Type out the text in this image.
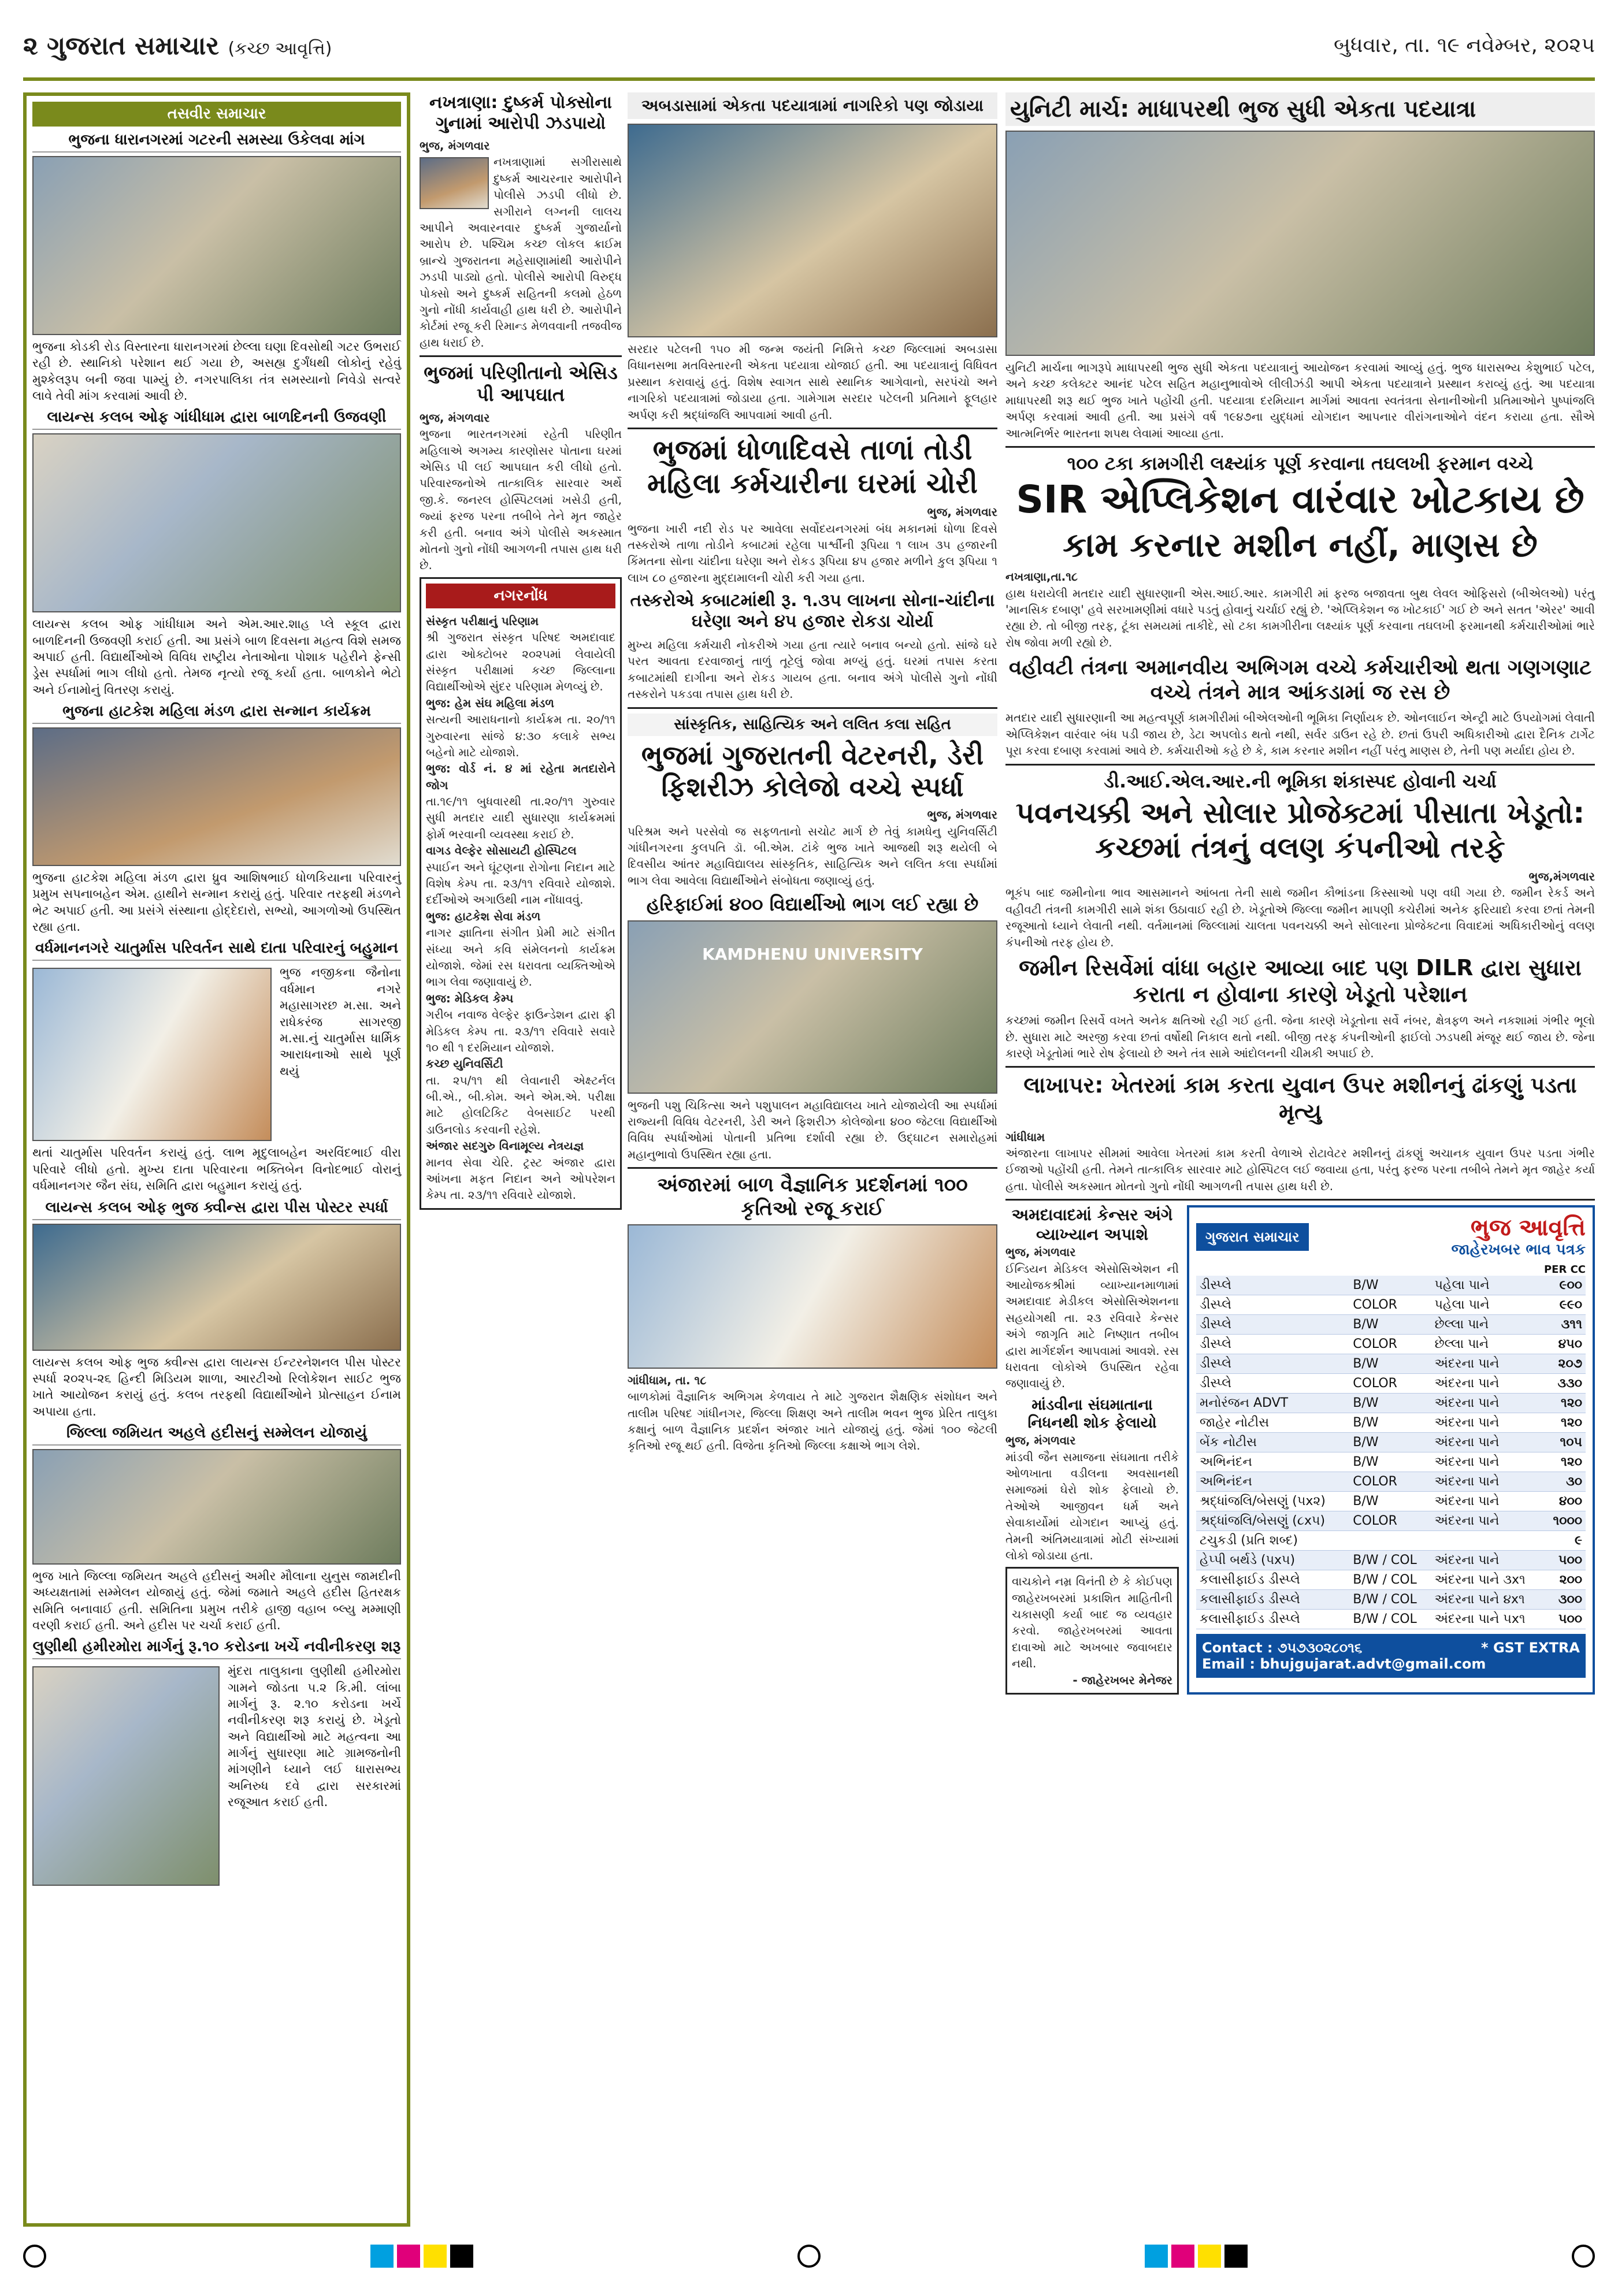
૨ ગુજરાત સમાચાર (કચ્છ આવૃત્તિ)	બુધવાર, તા. ૧૯ નવેમ્બર, ૨૦૨૫
તસવીર સમાચાર
ભુજના ધારાનગરમાં ગટરની સમસ્યા ઉકેલવા માંગ
ભુજના કોડકી રોડ વિસ્તારના ધારાનગરમાં છેલ્લા ઘણા દિવસોથી ગટર ઉભરાઈ રહી છે. સ્થાનિકો પરેશાન થઈ ગયા છે, અસહ્ય દુર્ગંધથી લોકોનું રહેવું મુશ્કેલરૂપ બની જવા પામ્યું છે. નગરપાલિકા તંત્ર સમસ્યાનો નિવેડો સત્વરે લાવે તેવી માંગ કરવામાં આવી છે.
લાયન્સ કલબ ઓફ ગાંધીધામ દ્વારા બાળદિનની ઉજવણી
લાયન્સ કલબ ઓફ ગાંધીધામ અને એમ.આર.શાહ પ્લે સ્કૂલ દ્વારા બાળદિનની ઉજવણી કરાઈ હતી. આ પ્રસંગે બાળ દિવસના મહત્વ વિશે સમજ અપાઈ હતી. વિદ્યાર્થીઓએ વિવિધ રાષ્ટ્રીય નેતાઓના પોશાક પહેરીને ફેન્સી ડ્રેસ સ્પર્ધામાં ભાગ લીધો હતો. તેમજ નૃત્યો રજૂ કર્યા હતા. બાળકોને ભેટો અને ઈનામોનું વિતરણ કરાયું.
ભુજના હાટકેશ મહિલા મંડળ દ્વારા સન્માન કાર્યક્રમ
ભુજના હાટકેશ મહિલા મંડળ દ્વારા ધ્રુવ આશિષભાઈ ધોળકિયાના પરિવારનું પ્રમુખ સપનાબહેન એમ. હાથીને સન્માન કરાયું હતું. પરિવાર તરફથી મંડળને ભેટ અપાઈ હતી. આ પ્રસંગે સંસ્થાના હોદ્દેદારો, સભ્યો, આગળોઓ ઉપસ્થિત રહ્યા હતા.
વર્ધમાનનગરે ચાતુર્માસ પરિવર્તન સાથે દાતા પરિવારનું બહુમાન
ભુજ નજીકના જૈનોના વર્ધમાન નગરે મહાસાગરછ મ.સા. અને રાધેકરંજ સાગરજી મ.સા.નું ચાતુર્માસ ધાર્મિક આરાધનાઓ સાથે પૂર્ણ થયું
થતાં ચાતુર્માસ પરિવર્તન કરાયું હતું. લાભ મૃદુલાબહેન અરવિંદભાઈ વીરા પરિવારે લીધો હતો. મુખ્ય દાતા પરિવારના ભક્તિબેન વિનોદભાઈ વોરાનું વર્ધમાનનગર જૈન સંઘ, સમિતિ દ્વારા બહુમાન કરાયું હતું.
લાયન્સ કલબ ઓફ ભુજ ક્વીન્સ દ્વારા પીસ પોસ્ટર સ્પર્ધા
લાયન્સ કલબ ઓફ ભુજ ક્વીન્સ દ્વારા લાયન્સ ઈન્ટરનેશનલ પીસ પોસ્ટર સ્પર્ધા ૨૦૨૫-૨૬ હિન્દી મિડિયમ શાળા, આરટીઓ રિલોકેશન સાઈટ ભુજ ખાતે આયોજન કરાયું હતું. કલબ તરફથી વિદ્યાર્થીઓને પ્રોત્સાહન ઈનામ અપાયા હતા.
જિલ્લા જમિયત અહલે હદીસનું સમ્મેલન યોજાયું
ભુજ ખાતે જિલ્લા જમિયત અહલે હદીસનું અમીર મૌલાના યુનુસ જામદીની અધ્યક્ષતામાં સમ્મેલન યોજાયું હતું. જેમાં જમાતે અહલે હદીસ હિતરક્ષક સમિતિ બનાવાઈ હતી. સમિતિના પ્રમુખ તરીકે હાજી વહાબ બ્લ્યુ મમ્માણી વરણી કરાઈ હતી. અને હદીસ પર ચર્ચા કરાઈ હતી.
લુણીથી હમીરમોરા માર્ગનું રૂ.૧૦ કરોડના ખર્ચે નવીનીકરણ શરૂ
મુંદરા તાલુકાના લુણીથી હમીરમોરા ગામને જોડતા ૫.૨ કિ.મી. લાંબા માર્ગનું રૂ. ૨.૧૦ કરોડના ખર્ચે નવીનીકરણ શરૂ કરાયું છે. ખેડૂતો અને વિદ્યાર્થીઓ માટે મહત્વના આ માર્ગનું સુધારણા માટે ગ્રામજનોની માંગણીને ધ્યાને લઈ ધારાસભ્ય અનિરુધ દવે દ્વારા સરકારમાં રજૂઆત કરાઈ હતી.
નખત્રાણા: દુષ્કર્મ પોક્સોના ગુનામાં આરોપી ઝડપાયો
ભુજ, મંગળવાર
નખત્રાણામાં સગીરાસાથે દુષ્કર્મ આચરનાર આરોપીને પોલીસે ઝડપી લીધો છે. સગીરાને લગ્નની લાલચ આપીને અવારનવાર દુષ્કર્મ ગુજાર્યાનો આરોપ છે. પશ્ચિમ કચ્છ લોકલ ક્રાઈમ બ્રાન્ચે ગુજરાતના મહેસાણામાંથી આરોપીને ઝડપી પાડ્યો હતો. પોલીસે આરોપી વિરુદ્ધ પોક્સો અને દુષ્કર્મ સહિતની કલમો હેઠળ ગુનો નોંધી કાર્યવાહી હાથ ધરી છે. આરોપીને કોર્ટમાં રજૂ કરી રિમાન્ડ મેળવવાની તજવીજ હાથ ધરાઈ છે.
ભુજમાં પરિણીતાનો એસિડ પી આપઘાત
ભુજ, મંગળવાર
ભુજના ભારતનગરમાં રહેતી પરિણીત મહિલાએ અગમ્ય કારણોસર પોતાના ઘરમાં એસિડ પી લઈ આપઘાત કરી લીધો હતો. પરિવારજનોએ તાત્કાલિક સારવાર અર્થે જી.કે. જનરલ હોસ્પિટલમાં ખસેડી હતી, જ્યાં ફરજ પરના તબીબે તેને મૃત જાહેર કરી હતી. બનાવ અંગે પોલીસે અકસ્માત મોતનો ગુનો નોંધી આગળની તપાસ હાથ ધરી છે.
નગરનોંધ
સંસ્કૃત પરીક્ષાનું પરિણામ
શ્રી ગુજરાત સંસ્કૃત પરિષદ અમદાવાદ દ્વારા ઓક્ટોબર ૨૦૨૫માં લેવાયેલી સંસ્કૃત પરીક્ષામાં કચ્છ જિલ્લાના વિદ્યાર્થીઓએ સુંદર પરિણામ મેળવ્યું છે.
ભુજ: હેમ સંઘ મહિલા મંડળ
સત્યની આરાધનાનો કાર્યક્રમ તા. ૨૦/૧૧ ગુરુવારના સાંજે ૪:૩૦ કલાકે સભ્ય બહેનો માટે યોજાશે.
ભુજ: વોર્ડ નં. ૪ માં રહેતા મતદારોને જોગ
તા.૧૯/૧૧ બુધવારથી તા.૨૦/૧૧ ગુરુવાર સુધી મતદાર યાદી સુધારણા કાર્યક્રમમાં ફોર્મ ભરવાની વ્યવસ્થા કરાઈ છે.
વાગડ વેલ્ફેર સોસાયટી હોસ્પિટલ
સ્પાઈન અને ઘૂંટણના રોગોના નિદાન માટે વિશેષ કેમ્પ તા. ૨૩/૧૧ રવિવારે યોજાશે. દર્દીઓએ અગાઉથી નામ નોંધાવવું.
ભુજ: હાટકેશ સેવા મંડળ
નાગર જ્ઞાતિના સંગીત પ્રેમી માટે સંગીત સંધ્યા અને કવિ સંમેલનનો કાર્યક્રમ યોજાશે. જેમાં રસ ધરાવતા વ્યક્તિઓએ ભાગ લેવા જણાવાયું છે.
ભુજ: મેડિકલ કેમ્પ
ગરીબ નવાજ વેલ્ફેર ફાઉન્ડેશન દ્વારા ફ્રી મેડિકલ કેમ્પ તા. ૨૩/૧૧ રવિવારે સવારે ૧૦ થી ૧ દરમિયાન યોજાશે.
કચ્છ યુનિવર્સિટી
તા. ૨૫/૧૧ થી લેવાનારી એક્ષ્ટર્નલ બી.એ., બી.કોમ. અને એમ.એ. પરીક્ષા માટે હોલટિકિટ વેબસાઈટ પરથી ડાઉનલોડ કરવાની રહેશે.
અંજાર સદગુરુ વિનામૂલ્ય નેત્રયજ્ઞ
માનવ સેવા ચેરિ. ટ્રસ્ટ અંજાર દ્વારા આંખના મફત નિદાન અને ઓપરેશન કેમ્પ તા. ૨૩/૧૧ રવિવારે યોજાશે.
અબડાસામાં એકતા પદયાત્રામાં નાગરિકો પણ જોડાયા
સરદાર પટેલની ૧૫૦ મી જન્મ જયંતી નિમિત્તે કચ્છ જિલ્લામાં અબડાસા વિધાનસભા મતવિસ્તારની એકતા પદયાત્રા યોજાઈ હતી. આ પદયાત્રાનું વિધિવત પ્રસ્થાન કરાવાયું હતું. વિશેષ સ્વાગત સાથે સ્થાનિક આગેવાનો, સરપંચો અને નાગરિકો પદયાત્રામાં જોડાયા હતા. ગામેગામ સરદાર પટેલની પ્રતિમાને ફૂલહાર અર્પણ કરી શ્રદ્ધાંજલિ આપવામાં આવી હતી.
ભુજમાં ધોળાદિવસે તાળાં તોડી મહિલા કર્મચારીના ઘરમાં ચોરી
ભુજ, મંગળવાર
ભુજના ખારી નદી રોડ પર આવેલા સર્વોદયનગરમાં બંધ મકાનમાં ધોળા દિવસે તસ્કરોએ તાળા તોડીને કબાટમાં રહેલા પાર્શ્વીની રૂપિયા ૧ લાખ ૩૫ હજારની કિંમતના સોના ચાંદીના ઘરેણા અને રોકડ રૂપિયા ૪૫ હજાર મળીને કુલ રૂપિયા ૧ લાખ ૮૦ હજારના મુદ્દામાલની ચોરી કરી ગયા હતા.
તસ્કરોએ કબાટમાંથી રૂ. ૧.૩૫ લાખના સોના-ચાંદીના ઘરેણા અને ૪૫ હજાર રોકડા ચોર્યા
મુખ્ય મહિલા કર્મચારી નોકરીએ ગયા હતા ત્યારે બનાવ બન્યો હતો. સાંજે ઘરે પરત આવતા દરવાજાનું તાળું તૂટેલું જોવા મળ્યું હતું. ઘરમાં તપાસ કરતા કબાટમાંથી દાગીના અને રોકડ ગાયબ હતા. બનાવ અંગે પોલીસે ગુનો નોંધી તસ્કરોને પકડવા તપાસ હાથ ધરી છે.
સાંસ્કૃતિક, સાહિત્યિક અને લલિત કલા સહિત
ભુજમાં ગુજરાતની વેટરનરી, ડેરી ફિશરીઝ કોલેજો વચ્ચે સ્પર્ધા
ભુજ, મંગળવાર
પરિશ્રમ અને પરસેવો જ સફળતાનો સચોટ માર્ગ છે તેવું કામધેનુ યુનિવર્સિટી ગાંધીનગરના કુલપતિ ડૉ. બી.એમ. ટાંકે ભુજ ખાતે આજથી શરૂ થયેલી બે દિવસીય આંતર મહાવિદ્યાલય સાંસ્કૃતિક, સાહિત્યિક અને લલિત કલા સ્પર્ધામાં ભાગ લેવા આવેલા વિદ્યાર્થીઓને સંબોધતા જણાવ્યું હતું.
હરિફાઈમાં ૪૦૦ વિદ્યાર્થીઓ ભાગ લઈ રહ્યા છે
KAMDHENU UNIVERSITY
ભુજની પશુ ચિકિત્સા અને પશુપાલન મહાવિદ્યાલય ખાતે યોજાયેલી આ સ્પર્ધામાં રાજ્યની વિવિધ વેટરનરી, ડેરી અને ફિશરીઝ કોલેજોના ૪૦૦ જેટલા વિદ્યાર્થીઓ વિવિધ સ્પર્ધાઓમાં પોતાની પ્રતિભા દર્શાવી રહ્યા છે. ઉદ્ઘાટન સમારોહમાં મહાનુભાવો ઉપસ્થિત રહ્યા હતા.
અંજારમાં બાળ વૈજ્ઞાનિક પ્રદર્શનમાં ૧૦૦ કૃતિઓ રજૂ કરાઈ
ગાંધીધામ, તા. ૧૮
બાળકોમાં વૈજ્ઞાનિક અભિગમ કેળવાય તે માટે ગુજરાત શૈક્ષણિક સંશોધન અને તાલીમ પરિષદ ગાંધીનગર, જિલ્લા શિક્ષણ અને તાલીમ ભવન ભુજ પ્રેરિત તાલુકા કક્ષાનું બાળ વૈજ્ઞાનિક પ્રદર્શન અંજાર ખાતે યોજાયું હતું. જેમાં ૧૦૦ જેટલી કૃતિઓ રજૂ થઈ હતી. વિજેતા કૃતિઓ જિલ્લા કક્ષાએ ભાગ લેશે.
યુનિટી માર્ચ: માધાપરથી ભુજ સુધી એકતા પદયાત્રા
યુનિટી માર્ચના ભાગરૂપે માધાપરથી ભુજ સુધી એકતા પદયાત્રાનું આયોજન કરવામાં આવ્યું હતું. ભુજ ધારાસભ્ય કેશુભાઈ પટેલ, અને કચ્છ કલેક્ટર આનંદ પટેલ સહિત મહાનુભાવોએ લીલીઝંડી આપી એકતા પદયાત્રાને પ્રસ્થાન કરાવ્યું હતું. આ પદયાત્રા માધાપરથી શરૂ થઈ ભુજ ખાતે પહોંચી હતી. પદયાત્રા દરમિયાન માર્ગમાં આવતા સ્વતંત્રતા સેનાનીઓની પ્રતિમાઓને પુષ્પાંજલિ અર્પણ કરવામાં આવી હતી. આ પ્રસંગે વર્ષ ૧૯૪૭ના યુદ્ધમાં યોગદાન આપનાર વીરાંગનાઓને વંદન કરાયા હતા. સૌએ આત્મનિર્ભર ભારતના શપથ લેવામાં આવ્યા હતા.
૧૦૦ ટકા કામગીરી લક્ષ્યાંક પૂર્ણ કરવાના તઘલખી ફરમાન વચ્ચે
SIR એપ્લિકેશન વારંવાર ખોટકાય છે
કામ કરનાર મશીન નહીં, માણસ છે
નખત્રાણા,તા.૧૮
હાથ ધરાયેલી મતદાર યાદી સુધારણાની એસ.આઈ.આર. કામગીરી માં ફરજ બજાવતા બુથ લેવલ ઓફિસરો (બીએલઓ) પરંતુ 'માનસિક દબાણ' હવે સરખામણીમાં વધારે પડતું હોવાનું ચર્ચાઈ રહ્યું છે. 'એપ્લિકેશન જ ખોટકાઈ' ગઈ છે અને સતત 'એરર' આવી રહ્યા છે. તો બીજી તરફ, ટૂંકા સમયમાં તાકીદે, સો ટકા કામગીરીના લક્ષ્યાંક પૂર્ણ કરવાના તઘલખી ફરમાનથી કર્મચારીઓમાં ભારે રોષ જોવા મળી રહ્યો છે.
વહીવટી તંત્રના અમાનવીય અભિગમ વચ્ચે કર્મચારીઓ થતા ગણગણાટ વચ્ચે તંત્રને માત્ર આંકડામાં જ રસ છે
મતદાર યાદી સુધારણાની આ મહત્વપૂર્ણ કામગીરીમાં બીએલઓની ભૂમિકા નિર્ણાયક છે. ઓનલાઈન એન્ટ્રી માટે ઉપયોગમાં લેવાતી એપ્લિકેશન વારંવાર બંધ પડી જાય છે, ડેટા અપલોડ થતો નથી, સર્વર ડાઉન રહે છે. છતાં ઉપરી અધિકારીઓ દ્વારા દૈનિક ટાર્ગેટ પૂરા કરવા દબાણ કરવામાં આવે છે. કર્મચારીઓ કહે છે કે, કામ કરનાર મશીન નહીં પરંતુ માણસ છે, તેની પણ મર્યાદા હોય છે.
ડી.આઈ.એલ.આર.ની ભૂમિકા શંકાસ્પદ હોવાની ચર્ચા
પવનચક્કી અને સોલાર પ્રોજેક્ટમાં પીસાતા ખેડૂતો: કચ્છમાં તંત્રનું વલણ કંપનીઓ તરફે
ભુજ,મંગળવાર
ભૂકંપ બાદ જમીનોના ભાવ આસમાનને આંબતા તેની સાથે જમીન કૌભાંડના કિસ્સાઓ પણ વધી ગયા છે. જમીન રેકર્ડ અને વહીવટી તંત્રની કામગીરી સામે શંકા ઉઠાવાઈ રહી છે. ખેડૂતોએ જિલ્લા જમીન માપણી કચેરીમાં અનેક ફરિયાદો કરવા છતાં તેમની રજૂઆતો ધ્યાને લેવાતી નથી. વર્તમાનમાં જિલ્લામાં ચાલતા પવનચક્કી અને સોલારના પ્રોજેક્ટના વિવાદમાં અધિકારીઓનું વલણ કંપનીઓ તરફ હોય છે.
જમીન રિસર્વેમાં વાંધા બહાર આવ્યા બાદ પણ DILR દ્વારા સુધારા કરાતા ન હોવાના કારણે ખેડૂતો પરેશાન
કચ્છમાં જમીન રિસર્વે વખતે અનેક ક્ષતિઓ રહી ગઈ હતી. જેના કારણે ખેડૂતોના સર્વે નંબર, ક્ષેત્રફળ અને નકશામાં ગંભીર ભૂલો છે. સુધારા માટે અરજી કરવા છતાં વર્ષોથી નિકાલ થતો નથી. બીજી તરફ કંપનીઓની ફાઈલો ઝડપથી મંજૂર થઈ જાય છે. જેના કારણે ખેડૂતોમાં ભારે રોષ ફેલાયો છે અને તંત્ર સામે આંદોલનની ચીમકી અપાઈ છે.
લાખાપર: ખેતરમાં કામ કરતા યુવાન ઉપર મશીનનું ઢાંકણું પડતા મૃત્યુ
ગાંધીધામ
અંજારના લાખાપર સીમમાં આવેલા ખેતરમાં કામ કરતી વેળાએ રોટાવેટર મશીનનું ઢાંકણું અચાનક યુવાન ઉપર પડતા ગંભીર ઈજાઓ પહોંચી હતી. તેમને તાત્કાલિક સારવાર માટે હોસ્પિટલ લઈ જવાયા હતા, પરંતુ ફરજ પરના તબીબે તેમને મૃત જાહેર કર્યા હતા. પોલીસે અકસ્માત મોતનો ગુનો નોંધી આગળની તપાસ હાથ ધરી છે.
અમદાવાદમાં કેન્સર અંગે વ્યાખ્યાન અપાશે
ભુજ, મંગળવાર
ઈન્ડિયન મેડિકલ એસોસિએશન ની આયોજકશ્રીમાં વ્યાખ્યાનમાળામાં અમદાવાદ મેડીકલ એસોસિએશનના સહયોગથી તા. ૨૩ રવિવારે કેન્સર અંગે જાગૃતિ માટે નિષ્ણાત તબીબ દ્વારા માર્ગદર્શન આપવામાં આવશે. રસ ધરાવતા લોકોએ ઉપસ્થિત રહેવા જણાવાયું છે.
માંડવીના સંઘમાતાના નિધનથી શોક ફેલાયો
ભુજ, મંગળવાર
માંડવી જૈન સમાજના સંઘમાતા તરીકે ઓળખાતા વડીલના અવસાનથી સમાજમાં ઘેરો શોક ફેલાયો છે. તેઓએ આજીવન ધર્મ અને સેવાકાર્યોમાં યોગદાન આપ્યું હતું. તેમની અંતિમયાત્રામાં મોટી સંખ્યામાં લોકો જોડાયા હતા.
વાચકોને નમ્ર વિનંતી છે કે કોઈપણ જાહેરખબરમાં પ્રકાશિત માહિતીની ચકાસણી કર્યા બાદ જ વ્યવહાર કરવો. જાહેરખબરમાં આવતા દાવાઓ માટે અખબાર જવાબદાર નથી.
- જાહેરખબર મેનેજર
ગુજરાત સમાચાર	ભુજ આવૃત્તિ
જાહેરખબર ભાવ પત્રક
PER CC
ડીસ્પ્લે	B/W	પહેલા પાને	૯૦૦
ડીસ્પ્લે	COLOR	પહેલા પાને	૯૯૦
ડીસ્પ્લે	B/W	છેલ્લા પાને	૩૧૧
ડીસ્પ્લે	COLOR	છેલ્લા પાને	૪૫૦
ડીસ્પ્લે	B/W	અંદરના પાને	૨૦૭
ડીસ્પ્લે	COLOR	અંદરના પાને	૩૩૦
મનોરંજન ADVT	B/W	અંદરના પાને	૧૨૦
જાહેર નોટીસ	B/W	અંદરના પાને	૧૨૦
બેંક નોટીસ	B/W	અંદરના પાને	૧૦૫
અભિનંદન	B/W	અંદરના પાને	૧૨૦
અભિનંદન	COLOR	અંદરના પાને	૩૦
શ્રદ્ધાંજલિ/બેસણું (૫x૨)	B/W	અંદરના પાને	૪૦૦
શ્રદ્ધાંજલિ/બેસણું (૮x૫)	COLOR	અંદરના પાને	૧૦૦૦
ટચુકડી (પ્રતિ શબ્દ)			૯
હેપ્પી બર્થડે (૫x૫)	B/W / COL	અંદરના પાને	૫૦૦
કલાસીફાઈડ ડીસ્પ્લે	B/W / COL	અંદરના પાને ૩x૧	૨૦૦
કલાસીફાઈડ ડીસ્પ્લે	B/W / COL	અંદરના પાને ૪x૧	૩૦૦
કલાસીફાઈડ ડીસ્પ્લે	B/W / COL	અંદરના પાને ૫x૧	૫૦૦
Contact : ૭૫૭૩૦૨૮૦૧૬	* GST EXTRA
Email : bhujgujarat.advt@gmail.com
